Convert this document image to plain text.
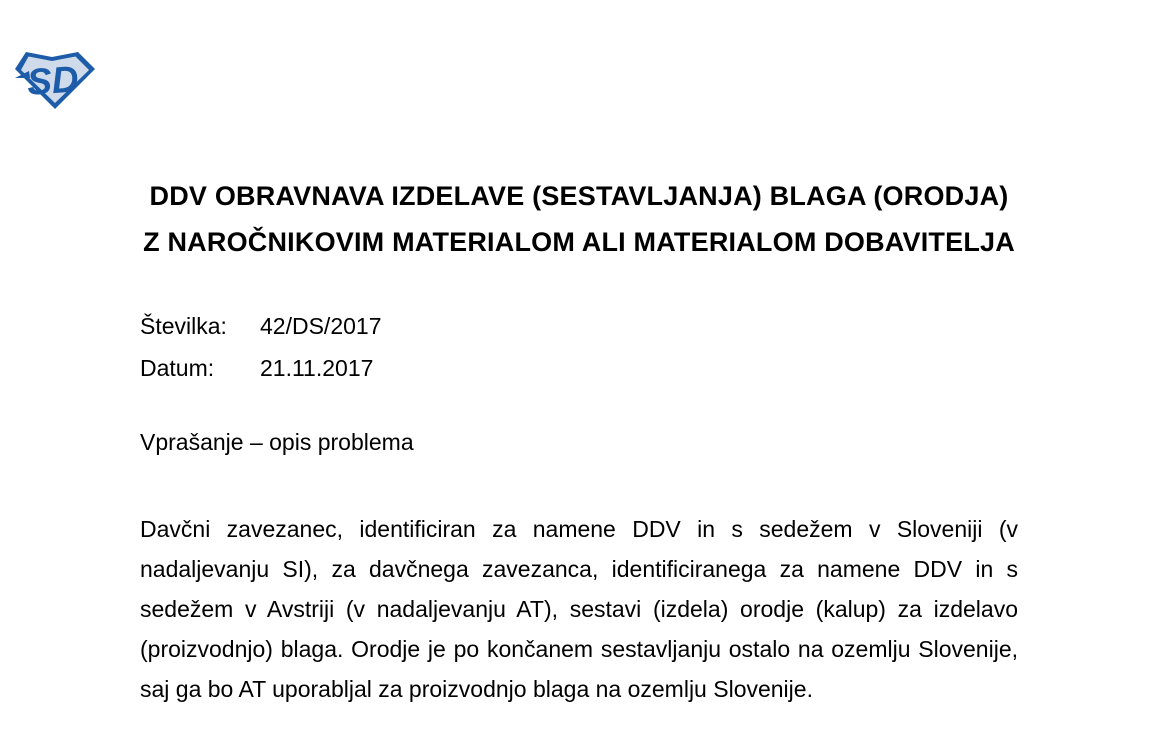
SD
DDV OBRAVNAVA IZDELAVE (SESTAVLJANJA) BLAGA (ORODJA)
Z NAROČNIKOVIM MATERIALOM ALI MATERIALOM DOBAVITELJA
Številka:	42/DS/2017
Datum:	21.11.2017
Vprašanje – opis problema
Davčni zavezanec, identificiran za namene DDV in s sedežem v Sloveniji (v
nadaljevanju SI), za davčnega zavezanca, identificiranega za namene DDV in s
sedežem v Avstriji (v nadaljevanju AT), sestavi (izdela) orodje (kalup) za izdelavo
(proizvodnjo) blaga. Orodje je po končanem sestavljanju ostalo na ozemlju Slovenije,
saj ga bo AT uporabljal za proizvodnjo blaga na ozemlju Slovenije.
